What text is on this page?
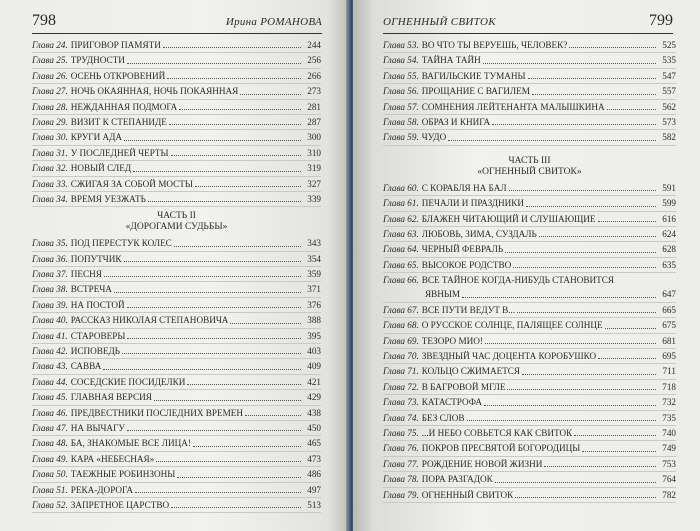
798	Ирина РОМАНОВА
Глава 24. ПРИГОВОР ПАМЯТИ	244
Глава 25. ТРУДНОСТИ	256
Глава 26. ОСЕНЬ ОТКРОВЕНИЙ	266
Глава 27. НОЧЬ ОКАЯННАЯ, НОЧЬ ПОКАЯННАЯ	273
Глава 28. НЕЖДАННАЯ ПОДМОГА	281
Глава 29. ВИЗИТ К СТЕПАНИДЕ	287
Глава 30. КРУГИ АДА	300
Глава 31. У ПОСЛЕДНЕЙ ЧЕРТЫ	310
Глава 32. НОВЫЙ СЛЕД	319
Глава 33. СЖИГАЯ ЗА СОБОЙ МОСТЫ	327
Глава 34. ВРЕМЯ УЕЗЖАТЬ	339
ЧАСТЬ II
«ДОРОГАМИ СУДЬБЫ»
Глава 35. ПОД ПЕРЕСТУК КОЛЕС	343
Глава 36. ПОПУТЧИК	354
Глава 37. ПЕСНЯ	359
Глава 38. ВСТРЕЧА	371
Глава 39. НА ПОСТОЙ	376
Глава 40. РАССКАЗ НИКОЛАЯ СТЕПАНОВИЧА	388
Глава 41. СТАРОВЕРЫ	395
Глава 42. ИСПОВЕДЬ	403
Глава 43. САВВА	409
Глава 44. СОСЕДСКИЕ ПОСИДЕЛКИ	421
Глава 45. ГЛАВНАЯ ВЕРСИЯ	429
Глава 46. ПРЕДВЕСТНИКИ ПОСЛЕДНИХ ВРЕМЕН	438
Глава 47. НА ВЫЧАГУ	450
Глава 48. БА, ЗНАКОМЫЕ ВСЕ ЛИЦА!	465
Глава 49. КАРА «НЕБЕСНАЯ»	473
Глава 50. ТАЕЖНЫЕ РОБИНЗОНЫ	486
Глава 51. РЕКА-ДОРОГА	497
Глава 52. ЗАПРЕТНОЕ ЦАРСТВО	513
ОГНЕННЫЙ СВИТОК	799
Глава 53. ВО ЧТО ТЫ ВЕРУЕШЬ, ЧЕЛОВЕК?	525
Глава 54. ТАЙНА ТАЙН	535
Глава 55. ВАГИЛЬСКИЕ ТУМАНЫ	547
Глава 56. ПРОЩАНИЕ С ВАГИЛЕМ	557
Глава 57. СОМНЕНИЯ ЛЕЙТЕНАНТА МАЛЫШКИНА	562
Глава 58. ОБРАЗ И КНИГА	573
Глава 59. ЧУДО	582
ЧАСТЬ III
«ОГНЕННЫЙ СВИТОК»
Глава 60. С КОРАБЛЯ НА БАЛ	591
Глава 61. ПЕЧАЛИ И ПРАЗДНИКИ	599
Глава 62. БЛАЖЕН ЧИТАЮЩИЙ И СЛУШАЮЩИЕ	616
Глава 63. ЛЮБОВЬ, ЗИМА, СУЗДАЛЬ	624
Глава 64. ЧЕРНЫЙ ФЕВРАЛЬ	628
Глава 65. ВЫСОКОЕ РОДСТВО	635
Глава 66. ВСЕ ТАЙНОЕ КОГДА-НИБУДЬ СТАНОВИТСЯ
ЯВНЫМ	647
Глава 67. ВСЕ ПУТИ ВЕДУТ В...	665
Глава 68. О РУССКОЕ СОЛНЦЕ, ПАЛЯЩЕЕ СОЛНЦЕ	675
Глава 69. ТЕЗОРО МИО!	681
Глава 70. ЗВЕЗДНЫЙ ЧАС ДОЦЕНТА КОРОБУШКО	695
Глава 71. КОЛЬЦО СЖИМАЕТСЯ	711
Глава 72. В БАГРОВОЙ МГЛЕ	718
Глава 73. КАТАСТРОФА	732
Глава 74. БЕЗ СЛОВ	735
Глава 75. ...И НЕБО СОВЬЕТСЯ КАК СВИТОК	740
Глава 76. ПОКРОВ ПРЕСВЯТОЙ БОГОРОДИЦЫ	749
Глава 77. РОЖДЕНИЕ НОВОЙ ЖИЗНИ	753
Глава 78. ПОРА РАЗГАДОК	764
Глава 79. ОГНЕННЫЙ СВИТОК	782
